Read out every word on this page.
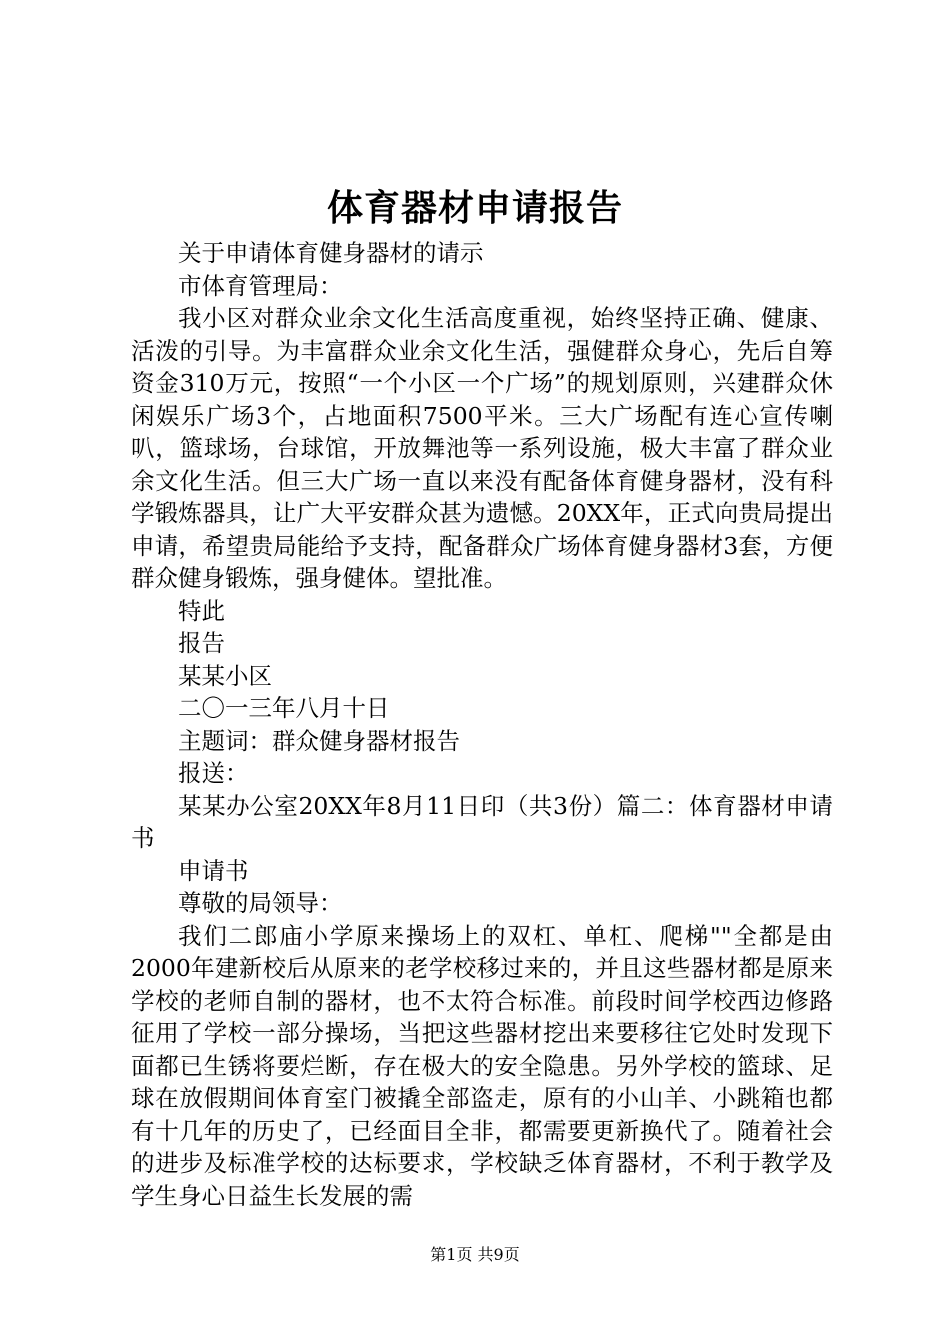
体育器材申请报告

关于申请体育健身器材的请示

市体育管理局：

我小区对群众业余文化生活高度重视，始终坚持正确、健康、活泼的引导。为丰富群众业余文化生活，强健群众身心，先后自筹资金310万元，按照“一个小区一个广场”的规划原则，兴建群众休闲娱乐广场3个，占地面积7500平米。三大广场配有连心宣传喇叭，篮球场，台球馆，开放舞池等一系列设施，极大丰富了群众业余文化生活。但三大广场一直以来没有配备体育健身器材，没有科学锻炼器具，让广大平安群众甚为遗憾。20XX年，正式向贵局提出申请，希望贵局能给予支持，配备群众广场体育健身器材3套，方便群众健身锻炼，强身健体。望批准。

特此

报告

某某小区

二〇一三年八月十日

主题词：群众健身器材报告

报送：

某某办公室20XX年8月11日印（共3份）篇二：体育器材申请书

申请书

尊敬的局领导：

我们二郎庙小学原来操场上的双杠、单杠、爬梯""全都是由2000年建新校后从原来的老学校移过来的，并且这些器材都是原来学校的老师自制的器材，也不太符合标准。前段时间学校西边修路征用了学校一部分操场，当把这些器材挖出来要移往它处时发现下面都已生锈将要烂断，存在极大的安全隐患。另外学校的篮球、足球在放假期间体育室门被撬全部盗走，原有的小山羊、小跳箱也都有十几年的历史了，已经面目全非，都需要更新换代了。随着社会的进步及标准学校的达标要求，学校缺乏体育器材，不利于教学及学生身心日益生长发展的需

第1页 共9页
